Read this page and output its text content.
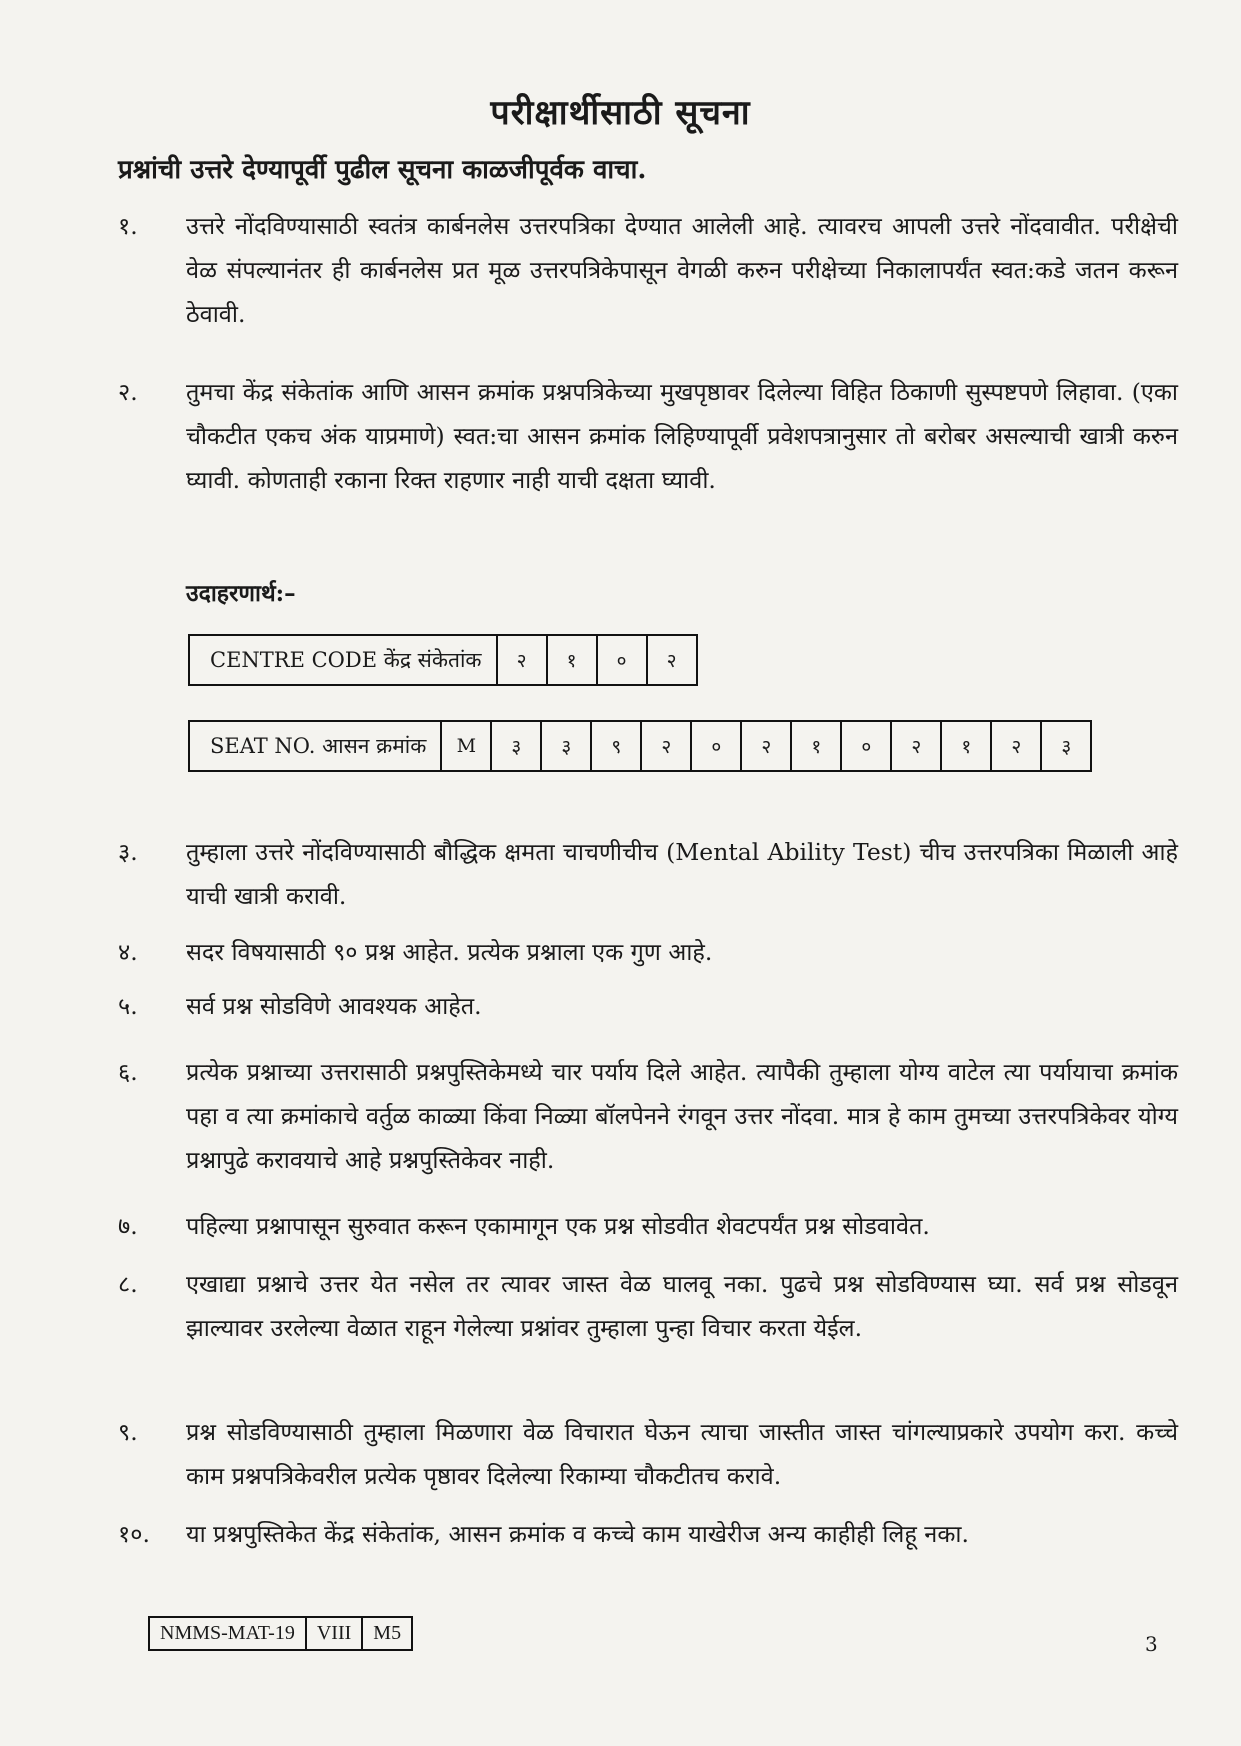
परीक्षार्थीसाठी सूचना
प्रश्नांची उत्तरे देण्यापूर्वी पुढील सूचना काळजीपूर्वक वाचा.
१.	उत्तरे नोंदविण्यासाठी स्वतंत्र कार्बनलेस उत्तरपत्रिका देण्यात आलेली आहे. त्यावरच आपली उत्तरे नोंदवावीत. परीक्षेची वेळ संपल्यानंतर ही कार्बनलेस प्रत मूळ उत्तरपत्रिकेपासून वेगळी करुन परीक्षेच्या निकालापर्यंत स्वत:कडे जतन करून ठेवावी.
२.	तुमचा केंद्र संकेतांक आणि आसन क्रमांक प्रश्नपत्रिकेच्या मुखपृष्ठावर दिलेल्या विहित ठिकाणी सुस्पष्टपणे लिहावा. (एका चौकटीत एकच अंक याप्रमाणे) स्वत:चा आसन क्रमांक लिहिण्यापूर्वी प्रवेशपत्रानुसार तो बरोबर असल्याची खात्री करुन घ्यावी. कोणताही रकाना रिक्त राहणार नाही याची दक्षता घ्यावी.
उदाहरणार्थ:–
CENTRE CODE केंद्र संकेतांक	२	१	०	२
SEAT NO. आसन क्रमांक	M	३	३	९	२	०	२	१	०	२	१	२	३
३.	तुम्हाला उत्तरे नोंदविण्यासाठी बौद्धिक क्षमता चाचणीचीच (Mental Ability Test) चीच उत्तरपत्रिका मिळाली आहे याची खात्री करावी.
४.	सदर विषयासाठी ९० प्रश्न आहेत. प्रत्येक प्रश्नाला एक गुण आहे.
५.	सर्व प्रश्न सोडविणे आवश्यक आहेत.
६.	प्रत्येक प्रश्नाच्या उत्तरासाठी प्रश्नपुस्तिकेमध्ये चार पर्याय दिले आहेत. त्यापैकी तुम्हाला योग्य वाटेल त्या पर्यायाचा क्रमांक पहा व त्या क्रमांकाचे वर्तुळ काळ्या किंवा निळ्या बॉलपेनने रंगवून उत्तर नोंदवा. मात्र हे काम तुमच्या उत्तरपत्रिकेवर योग्य प्रश्नापुढे करावयाचे आहे प्रश्नपुस्तिकेवर नाही.
७.	पहिल्या प्रश्नापासून सुरुवात करून एकामागून एक प्रश्न सोडवीत शेवटपर्यंत प्रश्न सोडवावेत.
८.	एखाद्या प्रश्नाचे उत्तर येत नसेल तर त्यावर जास्त वेळ घालवू नका. पुढचे प्रश्न सोडविण्यास घ्या. सर्व प्रश्न सोडवून झाल्यावर उरलेल्या वेळात राहून गेलेल्या प्रश्नांवर तुम्हाला पुन्हा विचार करता येईल.
९.	प्रश्न सोडविण्यासाठी तुम्हाला मिळणारा वेळ विचारात घेऊन त्याचा जास्तीत जास्त चांगल्याप्रकारे उपयोग करा. कच्चे काम प्रश्नपत्रिकेवरील प्रत्येक पृष्ठावर दिलेल्या रिकाम्या चौकटीतच करावे.
१०.	या प्रश्नपुस्तिकेत केंद्र संकेतांक, आसन क्रमांक व कच्चे काम याखेरीज अन्य काहीही लिहू नका.
NMMS-MAT-19	VIII	M5	3
